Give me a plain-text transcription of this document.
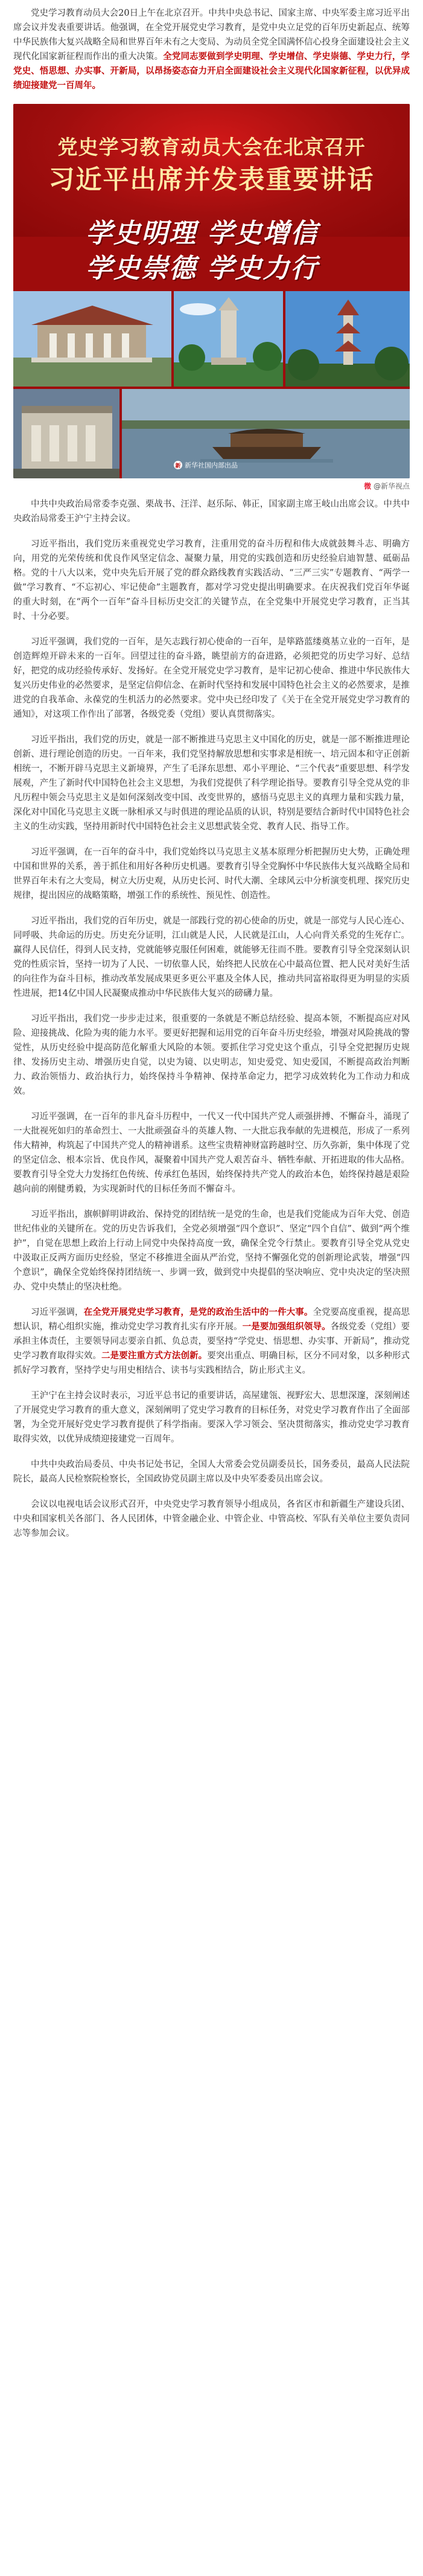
党史学习教育动员大会20日上午在北京召开。中共中央总书记、国家主席、中央军委主席习近平出席会议并发表重要讲话。他强调，在全党开展党史学习教育，是党中央立足党的百年历史新起点、统筹中华民族伟大复兴战略全局和世界百年未有之大变局、为动员全党全国满怀信心投身全面建设社会主义现代化国家新征程而作出的重大决策。全党同志要做到学史明理、学史增信、学史崇德、学史力行，学党史、悟思想、办实事、开新局，以昂扬姿态奋力开启全面建设社会主义现代化国家新征程，以优异成绩迎接建党一百周年。

党史学习教育动员大会在北京召开
习近平出席并发表重要讲话
学史明理 学史增信
学史崇德 学史力行
新 新华社国内部出品
微 @新华视点

中共中央政治局常委李克强、栗战书、汪洋、赵乐际、韩正，国家副主席王岐山出席会议。中共中央政治局常委王沪宁主持会议。

习近平指出，我们党历来重视党史学习教育，注重用党的奋斗历程和伟大成就鼓舞斗志、明确方向，用党的光荣传统和优良作风坚定信念、凝聚力量，用党的实践创造和历史经验启迪智慧、砥砺品格。党的十八大以来，党中央先后开展了党的群众路线教育实践活动、“三严三实”专题教育、“两学一做”学习教育、“不忘初心、牢记使命”主题教育，都对学习党史提出明确要求。在庆祝我们党百年华诞的重大时刻，在“两个一百年”奋斗目标历史交汇的关键节点，在全党集中开展党史学习教育，正当其时、十分必要。

习近平强调，我们党的一百年，是矢志践行初心使命的一百年，是筚路蓝缕奠基立业的一百年，是创造辉煌开辟未来的一百年。回望过往的奋斗路，眺望前方的奋进路，必须把党的历史学习好、总结好，把党的成功经验传承好、发扬好。在全党开展党史学习教育，是牢记初心使命、推进中华民族伟大复兴历史伟业的必然要求，是坚定信仰信念、在新时代坚持和发展中国特色社会主义的必然要求，是推进党的自我革命、永葆党的生机活力的必然要求。党中央已经印发了《关于在全党开展党史学习教育的通知》，对这项工作作出了部署，各级党委（党组）要认真贯彻落实。

习近平指出，我们党的历史，就是一部不断推进马克思主义中国化的历史，就是一部不断推进理论创新、进行理论创造的历史。一百年来，我们党坚持解放思想和实事求是相统一、培元固本和守正创新相统一，不断开辟马克思主义新境界，产生了毛泽东思想、邓小平理论、“三个代表”重要思想、科学发展观，产生了新时代中国特色社会主义思想，为我们党提供了科学理论指导。要教育引导全党从党的非凡历程中领会马克思主义是如何深刻改变中国、改变世界的，感悟马克思主义的真理力量和实践力量，深化对中国化马克思主义既一脉相承又与时俱进的理论品质的认识，特别是要结合新时代中国特色社会主义的生动实践，坚持用新时代中国特色社会主义思想武装全党、教育人民、指导工作。

习近平强调，在一百年的奋斗中，我们党始终以马克思主义基本原理分析把握历史大势，正确处理中国和世界的关系，善于抓住和用好各种历史机遇。要教育引导全党胸怀中华民族伟大复兴战略全局和世界百年未有之大变局，树立大历史观，从历史长河、时代大潮、全球风云中分析演变机理、探究历史规律，提出因应的战略策略，增强工作的系统性、预见性、创造性。

习近平指出，我们党的百年历史，就是一部践行党的初心使命的历史，就是一部党与人民心连心、同呼吸、共命运的历史。历史充分证明，江山就是人民，人民就是江山，人心向背关系党的生死存亡。赢得人民信任，得到人民支持，党就能够克服任何困难，就能够无往而不胜。要教育引导全党深刻认识党的性质宗旨，坚持一切为了人民、一切依靠人民，始终把人民放在心中最高位置、把人民对美好生活的向往作为奋斗目标，推动改革发展成果更多更公平惠及全体人民，推动共同富裕取得更为明显的实质性进展，把14亿中国人民凝聚成推动中华民族伟大复兴的磅礴力量。

习近平指出，我们党一步步走过来，很重要的一条就是不断总结经验、提高本领，不断提高应对风险、迎接挑战、化险为夷的能力水平。要更好把握和运用党的百年奋斗历史经验，增强对风险挑战的警觉性，从历史经验中提高防范化解重大风险的本领。要抓住学习党史这个重点，引导全党把握历史规律、发扬历史主动、增强历史自觉，以史为镜、以史明志，知史爱党、知史爱国，不断提高政治判断力、政治领悟力、政治执行力，始终保持斗争精神、保持革命定力，把学习成效转化为工作动力和成效。

习近平强调，在一百年的非凡奋斗历程中，一代又一代中国共产党人顽强拼搏、不懈奋斗，涌现了一大批视死如归的革命烈士、一大批顽强奋斗的英雄人物、一大批忘我奉献的先进模范，形成了一系列伟大精神，构筑起了中国共产党人的精神谱系。这些宝贵精神财富跨越时空、历久弥新，集中体现了党的坚定信念、根本宗旨、优良作风，凝聚着中国共产党人艰苦奋斗、牺牲奉献、开拓进取的伟大品格。要教育引导全党大力发扬红色传统、传承红色基因，始终保持共产党人的政治本色，始终保持越是艰险越向前的刚健勇毅，为实现新时代的目标任务而不懈奋斗。

习近平指出，旗帜鲜明讲政治、保持党的团结统一是党的生命，也是我们党能成为百年大党、创造世纪伟业的关键所在。党的历史告诉我们，全党必须增强“四个意识”、坚定“四个自信”、做到“两个维护”，自觉在思想上政治上行动上同党中央保持高度一致，确保全党令行禁止。要教育引导全党从党史中汲取正反两方面历史经验，坚定不移推进全面从严治党，坚持不懈强化党的创新理论武装，增强“四个意识”，确保全党始终保持团结统一、步调一致，做到党中央提倡的坚决响应、党中央决定的坚决照办、党中央禁止的坚决杜绝。

习近平强调，在全党开展党史学习教育，是党的政治生活中的一件大事。全党要高度重视，提高思想认识，精心组织实施，推动党史学习教育扎实有序开展。一是要加强组织领导。各级党委（党组）要承担主体责任，主要领导同志要亲自抓、负总责，要坚持“学党史、悟思想、办实事、开新局”，推动党史学习教育取得实效。二是要注重方式方法创新。要突出重点、明确目标，区分不同对象，以多种形式抓好学习教育，坚持学史与用史相结合、读书与实践相结合，防止形式主义。

王沪宁在主持会议时表示，习近平总书记的重要讲话，高屋建瓴、视野宏大、思想深邃，深刻阐述了开展党史学习教育的重大意义，深刻阐明了党史学习教育的目标任务，对党史学习教育作出了全面部署，为全党开展好党史学习教育提供了科学指南。要深入学习领会、坚决贯彻落实，推动党史学习教育取得实效，以优异成绩迎接建党一百周年。

中共中央政治局委员、中央书记处书记，全国人大常委会党员副委员长，国务委员，最高人民法院院长，最高人民检察院检察长，全国政协党员副主席以及中央军委委员出席会议。

会议以电视电话会议形式召开，中央党史学习教育领导小组成员，各省区市和新疆生产建设兵团、中央和国家机关各部门、各人民团体，中管金融企业、中管企业、中管高校、军队有关单位主要负责同志等参加会议。
